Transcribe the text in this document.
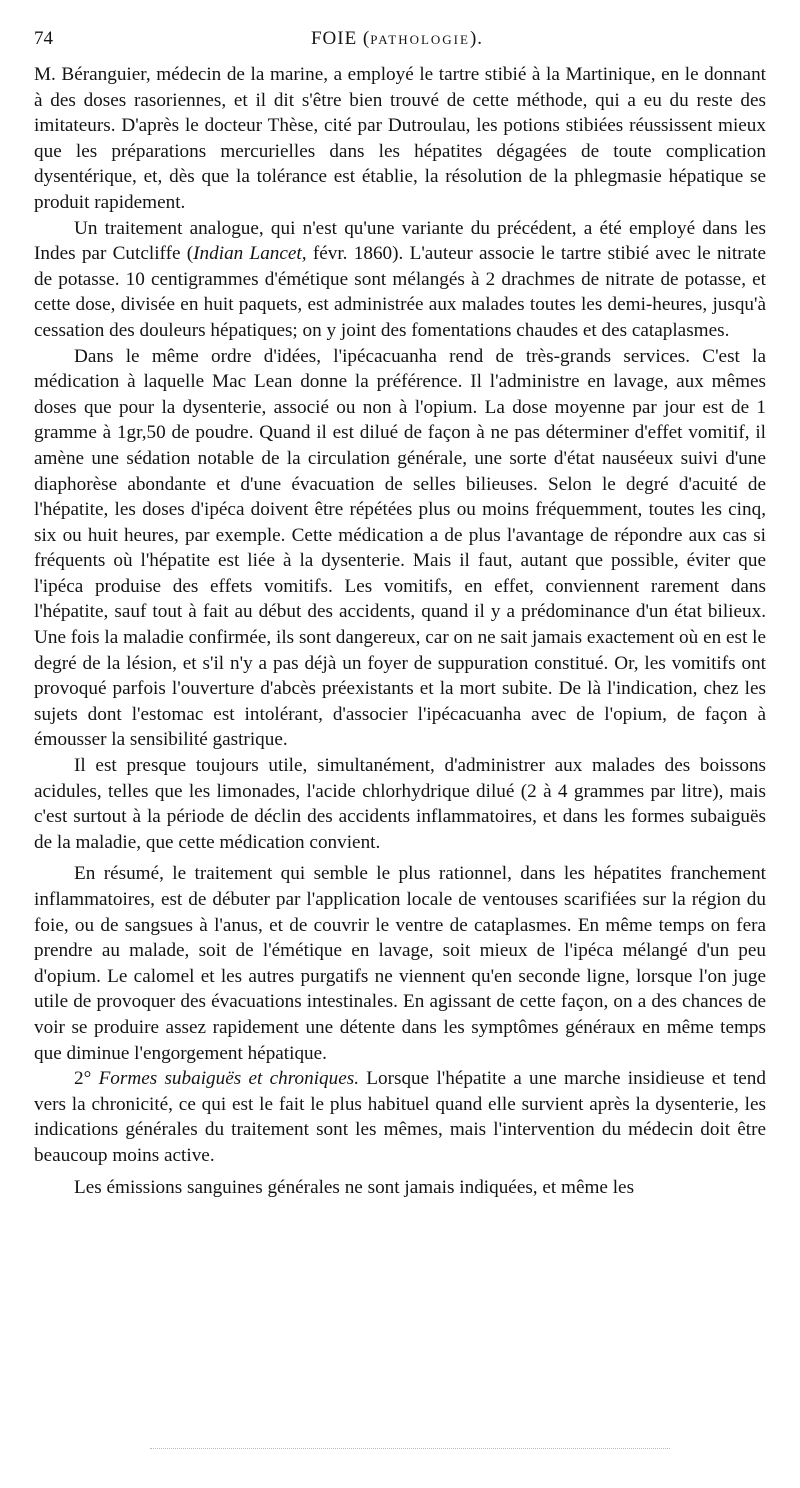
74	FOIE (PATHOLOGIE).

M. Béranguier, médecin de la marine, a employé le tartre stibié à la Martinique, en le donnant à des doses rasoriennes, et il dit s'être bien trouvé de cette méthode, qui a eu du reste des imitateurs. D'après le docteur Thèse, cité par Dutroulau, les potions stibiées réussissent mieux que les préparations mercurielles dans les hépatites dégagées de toute complication dysentérique, et, dès que la tolérance est établie, la résolution de la phlegmasie hépatique se produit rapidement.

Un traitement analogue, qui n'est qu'une variante du précédent, a été employé dans les Indes par Cutcliffe (Indian Lancet, févr. 1860). L'auteur associe le tartre stibié avec le nitrate de potasse. 10 centigrammes d'émétique sont mélangés à 2 drachmes de nitrate de potasse, et cette dose, divisée en huit paquets, est administrée aux malades toutes les demi-heures, jusqu'à cessation des douleurs hépatiques; on y joint des fomentations chaudes et des cataplasmes.

Dans le même ordre d'idées, l'ipécacuanha rend de très-grands services. C'est la médication à laquelle Mac Lean donne la préférence. Il l'administre en lavage, aux mêmes doses que pour la dysenterie, associé ou non à l'opium. La dose moyenne par jour est de 1 gramme à 1gr,50 de poudre. Quand il est dilué de façon à ne pas déterminer d'effet vomitif, il amène une sédation notable de la circulation générale, une sorte d'état nauséeux suivi d'une diaphorèse abondante et d'une évacuation de selles bilieuses. Selon le degré d'acuité de l'hépatite, les doses d'ipéca doivent être répétées plus ou moins fréquemment, toutes les cinq, six ou huit heures, par exemple. Cette médication a de plus l'avantage de répondre aux cas si fréquents où l'hépatite est liée à la dysenterie. Mais il faut, autant que possible, éviter que l'ipéca produise des effets vomitifs. Les vomitifs, en effet, conviennent rarement dans l'hépatite, sauf tout à fait au début des accidents, quand il y a prédominance d'un état bilieux. Une fois la maladie confirmée, ils sont dangereux, car on ne sait jamais exactement où en est le degré de la lésion, et s'il n'y a pas déjà un foyer de suppuration constitué. Or, les vomitifs ont provoqué parfois l'ouverture d'abcès préexistants et la mort subite. De là l'indication, chez les sujets dont l'estomac est intolérant, d'associer l'ipécacuanha avec de l'opium, de façon à émousser la sensibilité gastrique.

Il est presque toujours utile, simultanément, d'administrer aux malades des boissons acidules, telles que les limonades, l'acide chlorhydrique dilué (2 à 4 grammes par litre), mais c'est surtout à la période de déclin des accidents inflammatoires, et dans les formes subaiguës de la maladie, que cette médication convient.

En résumé, le traitement qui semble le plus rationnel, dans les hépatites franchement inflammatoires, est de débuter par l'application locale de ventouses scarifiées sur la région du foie, ou de sangsues à l'anus, et de couvrir le ventre de cataplasmes. En même temps on fera prendre au malade, soit de l'émétique en lavage, soit mieux de l'ipéca mélangé d'un peu d'opium. Le calomel et les autres purgatifs ne viennent qu'en seconde ligne, lorsque l'on juge utile de provoquer des évacuations intestinales. En agissant de cette façon, on a des chances de voir se produire assez rapidement une détente dans les symptômes généraux en même temps que diminue l'engorgement hépatique.

2° Formes subaiguës et chroniques. Lorsque l'hépatite a une marche insidieuse et tend vers la chronicité, ce qui est le fait le plus habituel quand elle survient après la dysenterie, les indications générales du traitement sont les mêmes, mais l'intervention du médecin doit être beaucoup moins active.

Les émissions sanguines générales ne sont jamais indiquées, et même les
